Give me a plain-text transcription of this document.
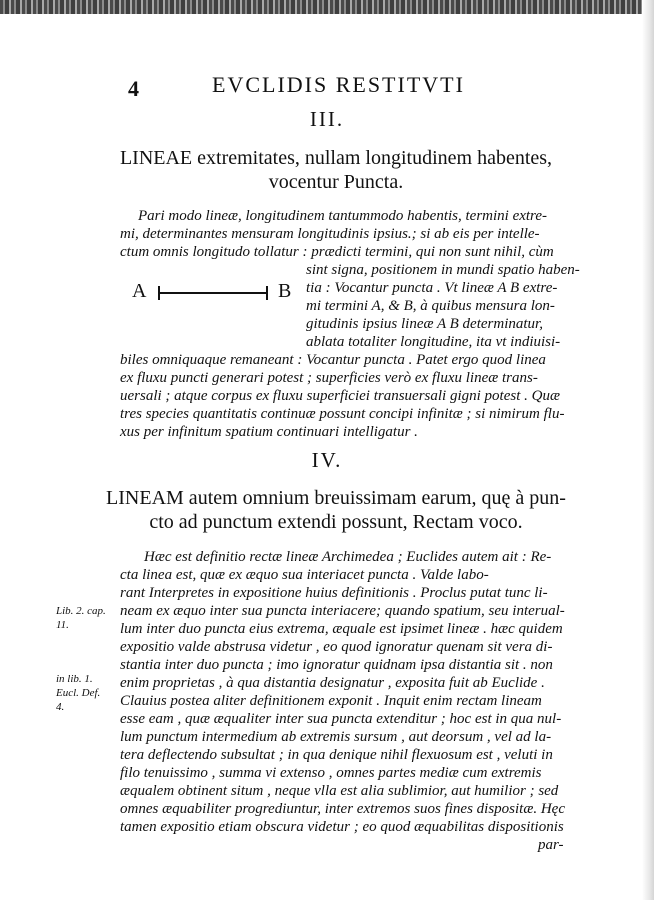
4	EVCLIDIS RESTITVTI
III.
LINEAE extremitates, nullam longitudinem habentes,
vocentur Puncta.
Pari modo lineæ, longitudinem tantummodo habentis, termini extre-
mi, determinantes mensuram longitudinis ipsius.; si ab eis per intelle-
ctum omnis longitudo tollatur : prædicti termini, qui non sunt nihil, cùm
sint signa, positionem in mundi spatio haben-
tia : Vocantur puncta . Vt lineæ A B extre-
mi termini A, & B, à quibus mensura lon-
gitudinis ipsius lineæ A B determinatur,
ablata totaliter longitudine, ita vt indiuisi-
A	B
biles omniquaque remaneant : Vocantur puncta . Patet ergo quod linea
ex fluxu puncti generari potest ; superficies verò ex fluxu lineæ trans-
uersali ; atque corpus ex fluxu superficiei transuersali gigni potest . Quæ
tres species quantitatis continuæ possunt concipi infinitæ ; si nimirum flu-
xus per infinitum spatium continuari intelligatur .
IV.
LINEAM autem omnium breuissimam earum, quę à pun-
cto ad punctum extendi possunt, Rectam voco.
Hæc est definitio rectæ lineæ Archimedea ; Euclides autem ait : Re-
cta linea est, quæ ex æquo sua interiacet puncta . Valde labo-
rant Interpretes in expositione huius definitionis . Proclus putat tunc li-
neam ex æquo inter sua puncta interiacere; quando spatium, seu interual-
lum inter duo puncta eius extrema, æquale est ipsimet lineæ . hæc quidem
expositio valde abstrusa videtur , eo quod ignoratur quenam sit vera di-
stantia inter duo puncta ; imo ignoratur quidnam ipsa distantia sit . non
enim proprietas , à qua distantia designatur , exposita fuit ab Euclide .
Clauius postea aliter definitionem exponit . Inquit enim rectam lineam
esse eam , quæ æqualiter inter sua puncta extenditur ; hoc est in qua nul-
lum punctum intermedium ab extremis sursum , aut deorsum , vel ad la-
tera deflectendo subsultat ; in qua denique nihil flexuosum est , veluti in
filo tenuissimo , summa vi extenso , omnes partes mediæ cum extremis
æqualem obtinent situm , neque vlla est alia sublimior, aut humilior ; sed
omnes æquabiliter progrediuntur, inter extremos suos fines dispositæ. Hęc
tamen expositio etiam obscura videtur ; eo quod æquabilitas dispositionis
par-
Lib. 2. cap.
11.
in lib. 1.
Eucl. Def.
4.
